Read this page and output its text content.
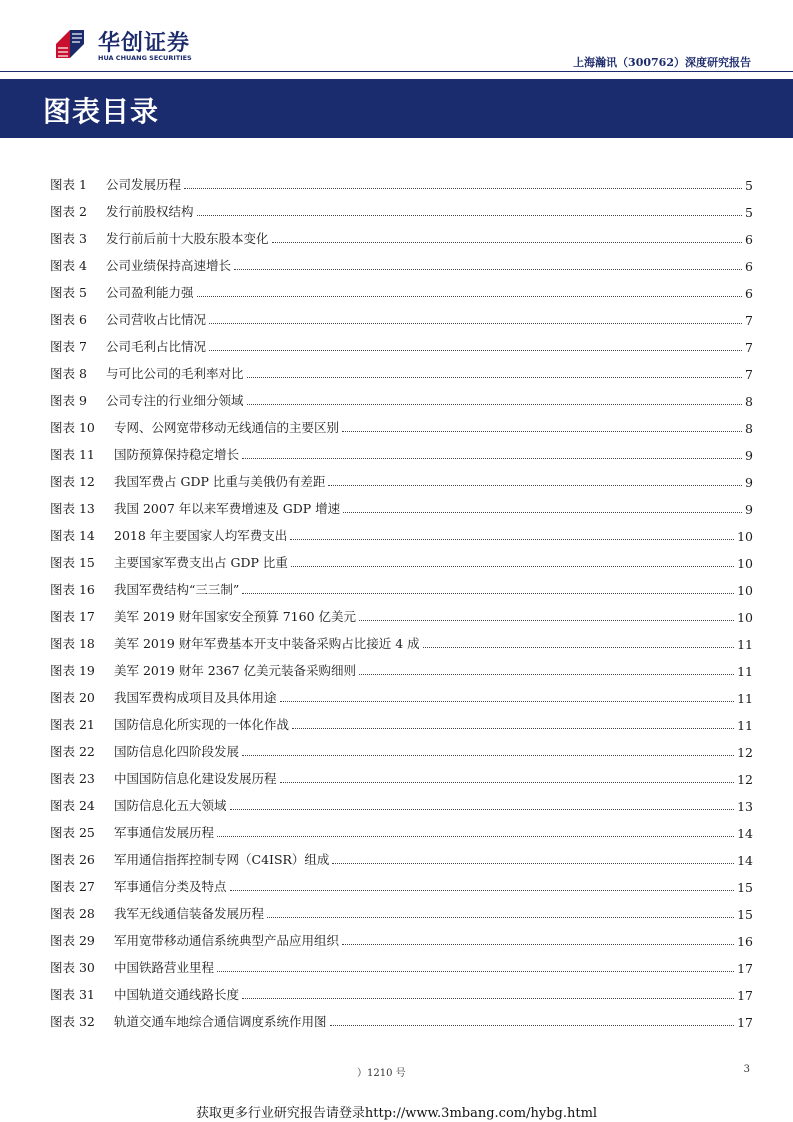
华创证券
HUA CHUANG SECURITIES	上海瀚讯（300762）深度研究报告
图表目录
图表 1	公司发展历程	5
图表 2	发行前股权结构	5
图表 3	发行前后前十大股东股本变化	6
图表 4	公司业绩保持高速增长	6
图表 5	公司盈利能力强	6
图表 6	公司营收占比情况	7
图表 7	公司毛利占比情况	7
图表 8	与可比公司的毛利率对比	7
图表 9	公司专注的行业细分领域	8
图表 10	专网、公网宽带移动无线通信的主要区别	8
图表 11	国防预算保持稳定增长	9
图表 12	我国军费占 GDP 比重与美俄仍有差距	9
图表 13	我国 2007 年以来军费增速及 GDP 增速	9
图表 14	2018 年主要国家人均军费支出	10
图表 15	主要国家军费支出占 GDP 比重	10
图表 16	我国军费结构“三三制”	10
图表 17	美军 2019 财年国家安全预算 7160 亿美元	10
图表 18	美军 2019 财年军费基本开支中装备采购占比接近 4 成	11
图表 19	美军 2019 财年 2367 亿美元装备采购细则	11
图表 20	我国军费构成项目及具体用途	11
图表 21	国防信息化所实现的一体化作战	11
图表 22	国防信息化四阶段发展	12
图表 23	中国国防信息化建设发展历程	12
图表 24	国防信息化五大领域	13
图表 25	军事通信发展历程	14
图表 26	军用通信指挥控制专网（C4ISR）组成	14
图表 27	军事通信分类及特点	15
图表 28	我军无线通信装备发展历程	15
图表 29	军用宽带移动通信系统典型产品应用组织	16
图表 30	中国铁路营业里程	17
图表 31	中国轨道交通线路长度	17
图表 32	轨道交通车地综合通信调度系统作用图	17
）1210 号	3
获取更多行业研究报告请登录http://www.3mbang.com/hybg.html
